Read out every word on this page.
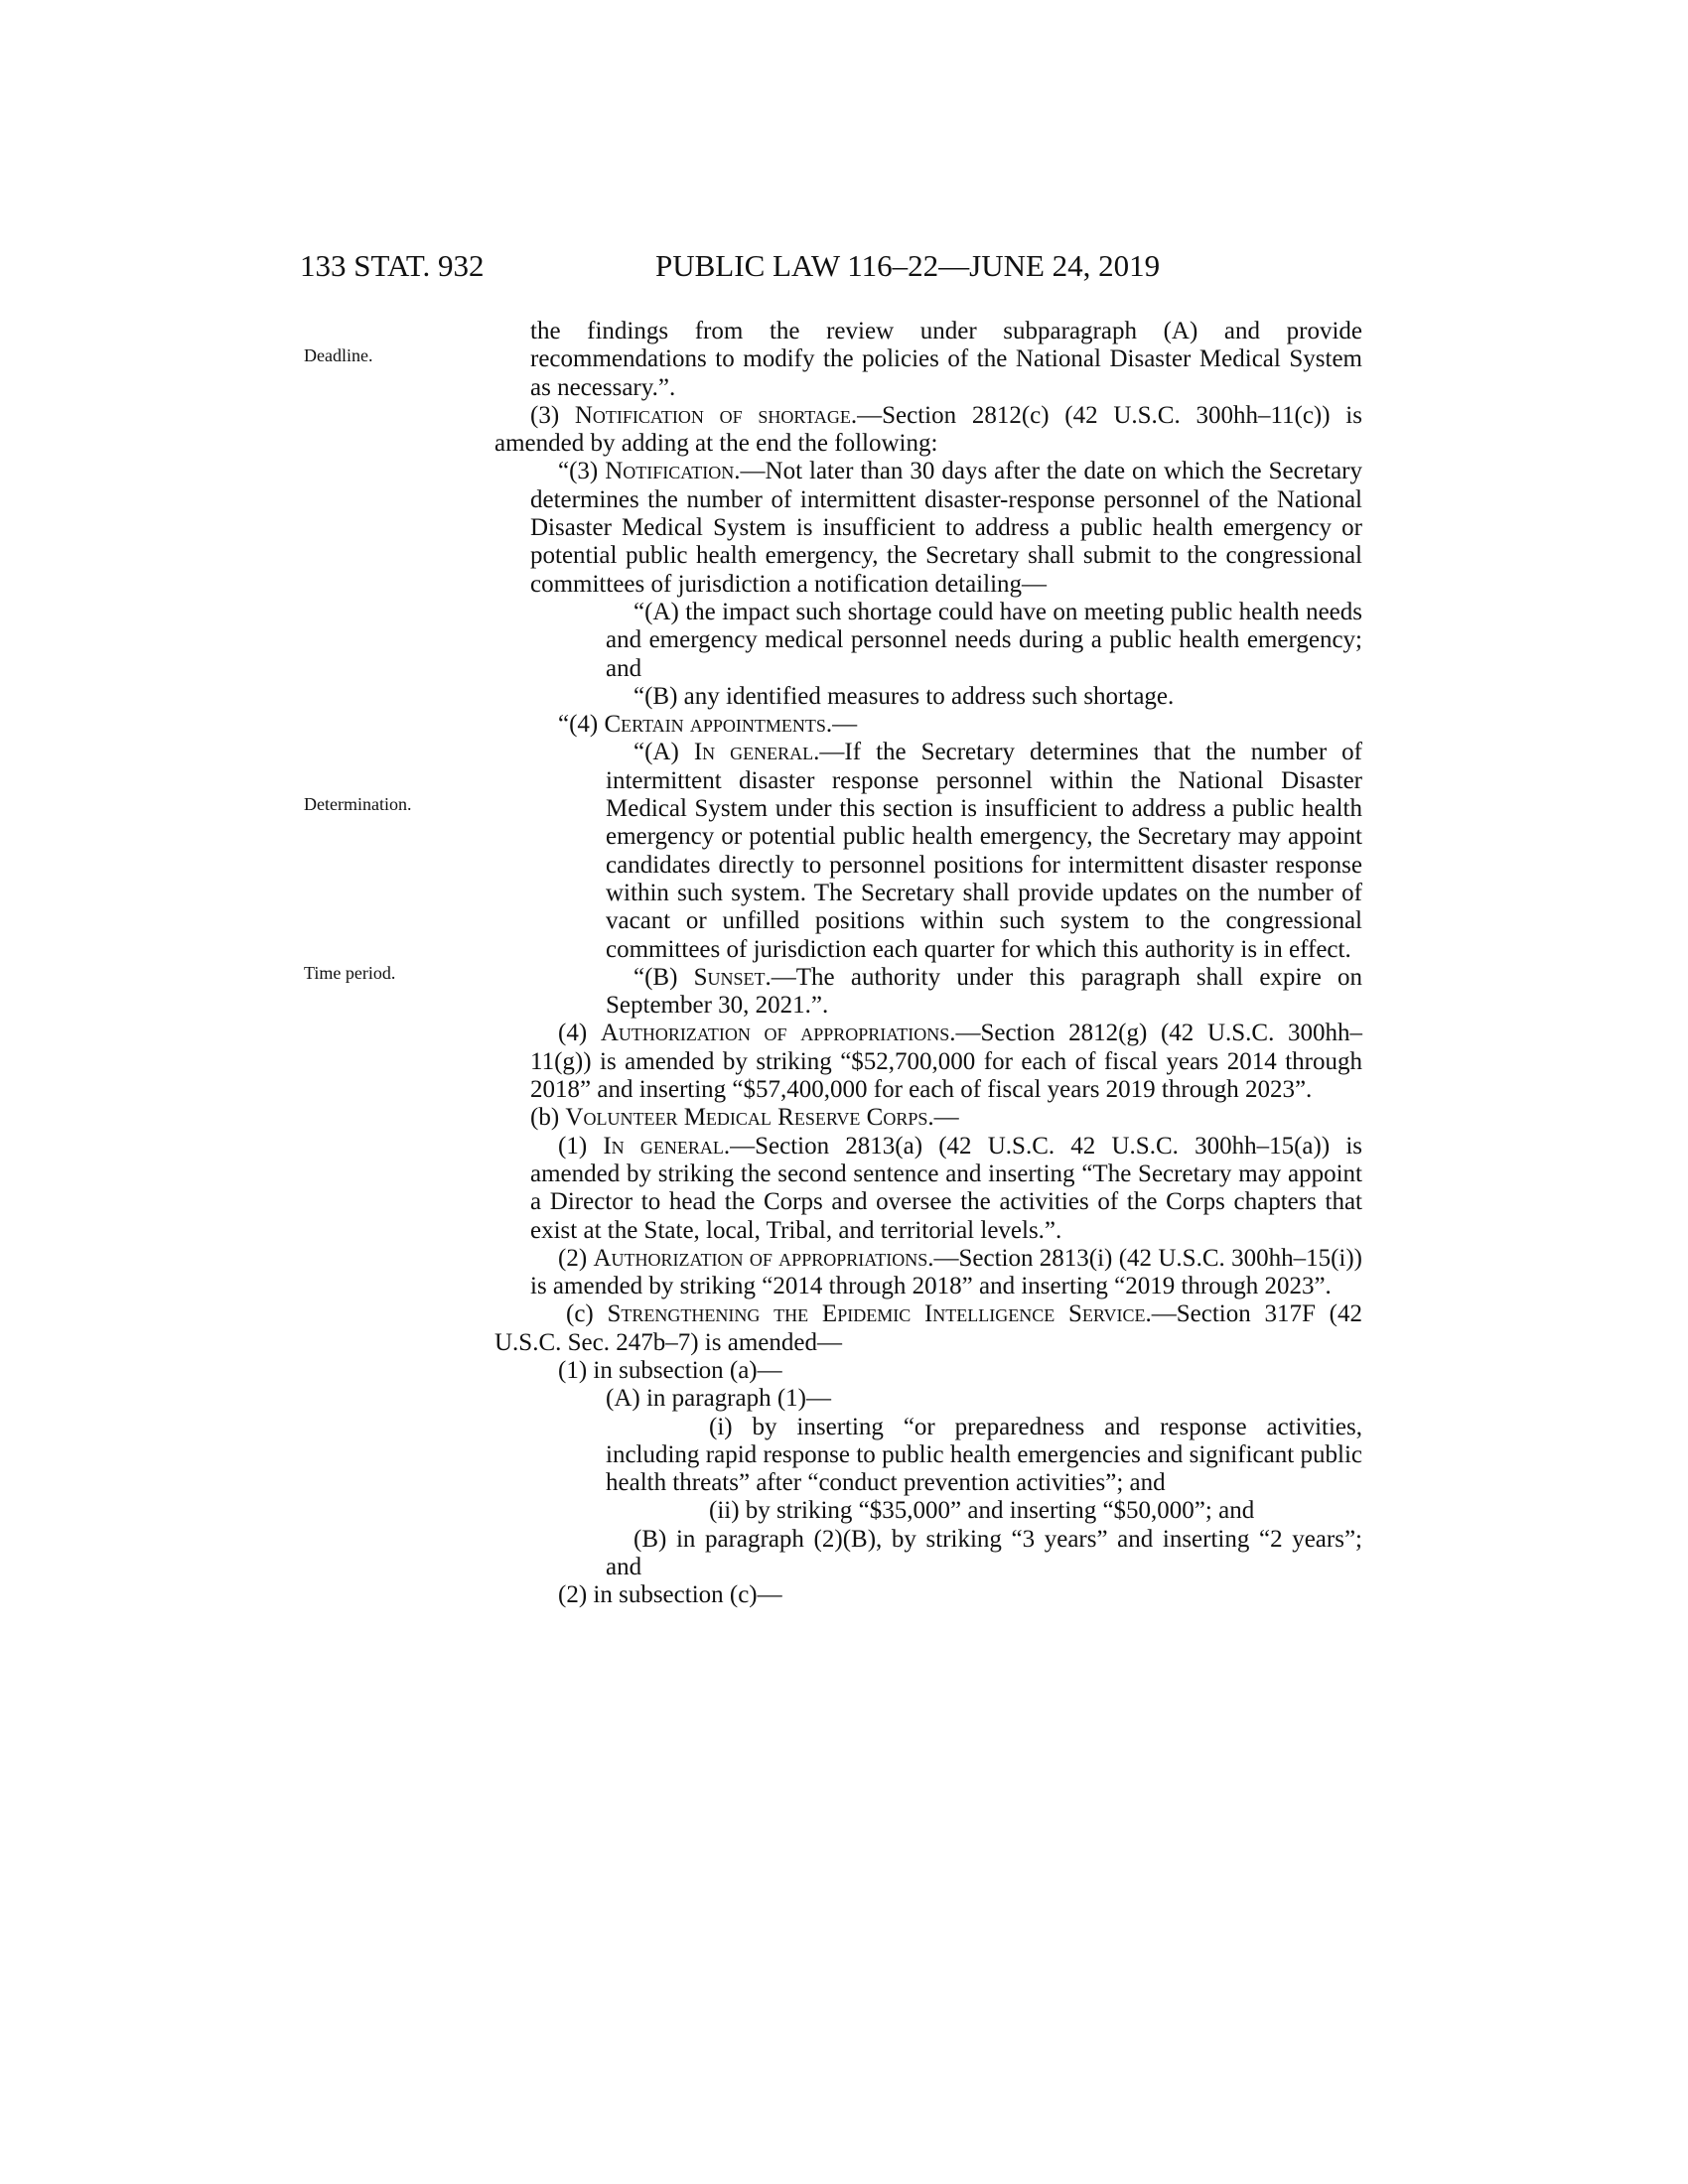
133 STAT. 932	PUBLIC LAW 116–22—JUNE 24, 2019
Deadline.
Determination.
Time period.

the findings from the review under subparagraph (A) and provide recommendations to modify the policies of the National Disaster Medical System as necessary.”.

(3) Notification of shortage.—Section 2812(c) (42 U.S.C. 300hh–11(c)) is amended by adding at the end the following:

“(3) Notification.—Not later than 30 days after the date on which the Secretary determines the number of intermittent disaster-response personnel of the National Disaster Medical System is insufficient to address a public health emergency or potential public health emergency, the Secretary shall submit to the congressional committees of jurisdiction a notification detailing—

“(A) the impact such shortage could have on meeting public health needs and emergency medical personnel needs during a public health emergency; and

“(B) any identified measures to address such shortage.

“(4) Certain appointments.—

“(A) In general.—If the Secretary determines that the number of intermittent disaster response personnel within the National Disaster Medical System under this section is insufficient to address a public health emergency or potential public health emergency, the Secretary may appoint candidates directly to personnel positions for intermittent disaster response within such system. The Secretary shall provide updates on the number of vacant or unfilled positions within such system to the congressional committees of jurisdiction each quarter for which this authority is in effect.

“(B) Sunset.—The authority under this paragraph shall expire on September 30, 2021.”.

(4) Authorization of appropriations.—Section 2812(g) (42 U.S.C. 300hh–11(g)) is amended by striking “$52,700,000 for each of fiscal years 2014 through 2018” and inserting “$57,400,000 for each of fiscal years 2019 through 2023”.

(b) Volunteer Medical Reserve Corps.—

(1) In general.—Section 2813(a) (42 U.S.C. 42 U.S.C. 300hh–15(a)) is amended by striking the second sentence and inserting “The Secretary may appoint a Director to head the Corps and oversee the activities of the Corps chapters that exist at the State, local, Tribal, and territorial levels.”.

(2) Authorization of appropriations.—Section 2813(i) (42 U.S.C. 300hh–15(i)) is amended by striking “2014 through 2018” and inserting “2019 through 2023”.

(c) Strengthening the Epidemic Intelligence Service.—Section 317F (42 U.S.C. Sec. 247b–7) is amended—

(1) in subsection (a)—

(A) in paragraph (1)—

(i) by inserting “or preparedness and response activities, including rapid response to public health emergencies and significant public health threats” after “conduct prevention activities”; and

(ii) by striking “$35,000” and inserting “$50,000”; and

(B) in paragraph (2)(B), by striking “3 years” and inserting “2 years”; and

(2) in subsection (c)—
